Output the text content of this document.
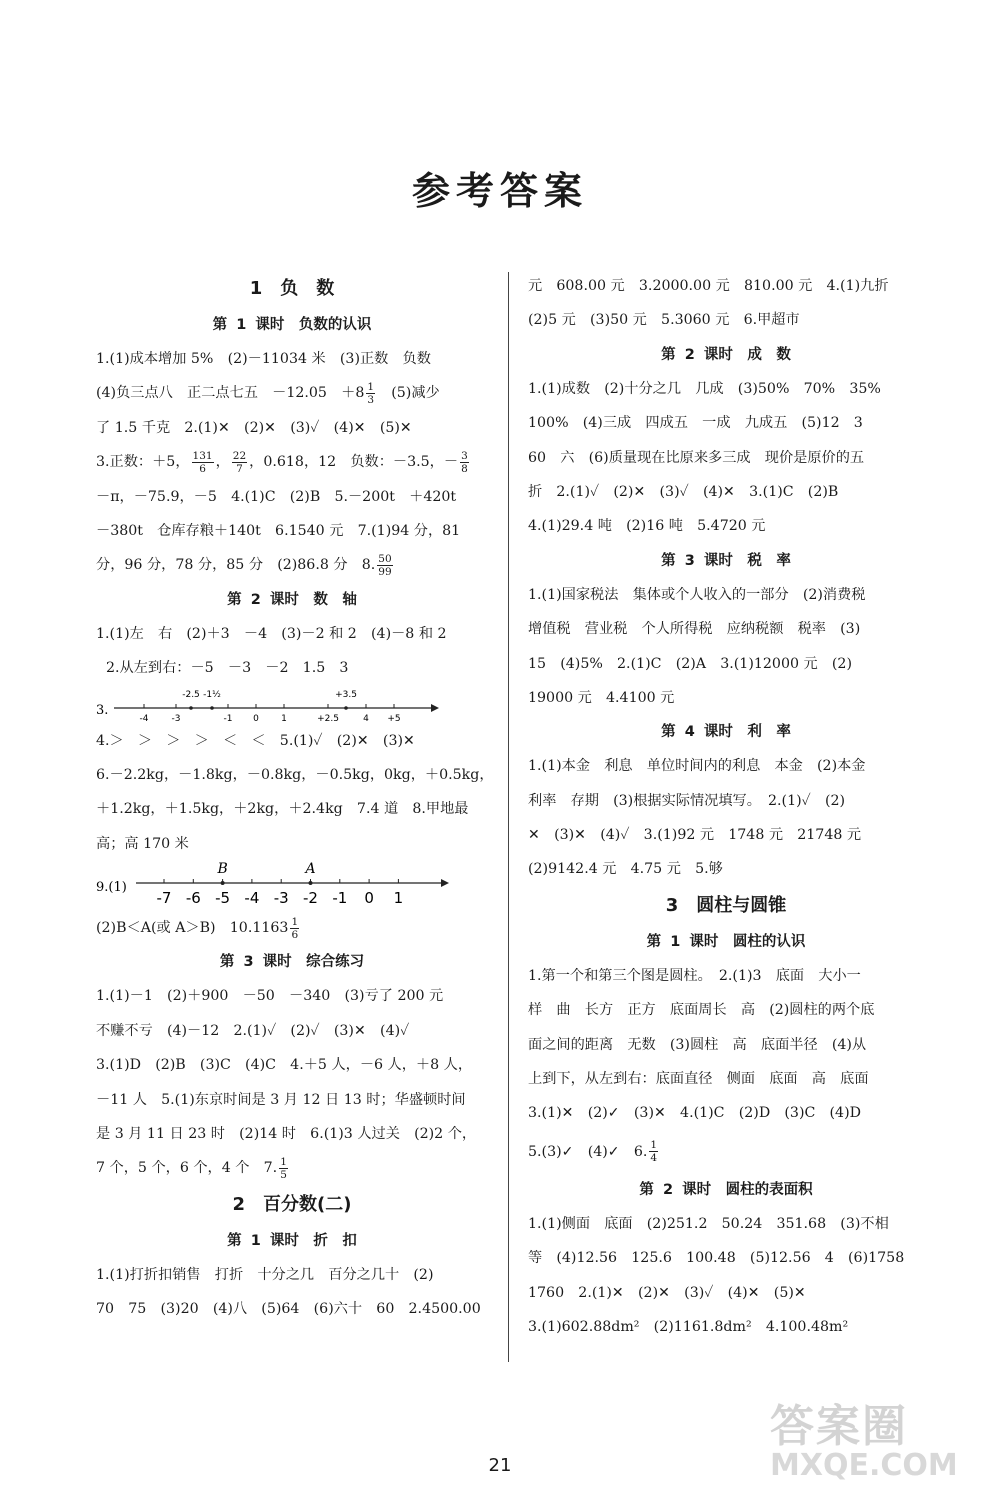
参考答案
1　负　数
第 1 课时　负数的认识
1.(1)成本增加 5%　(2)－11034 米　(3)正数　负数
(4)负三点八　正二点七五　－12.05　$+8 \frac{1}{3}$ 　(5)减少
了 1.5 千克　2.(1)✕　(2)✕　(3)✓　(4)✕　(5)✕
3.正数：＋5， $\frac{131}{6}$ ， $\frac{22}{7}$ ，0.618，12　负数：－3.5，－ $\frac{3}{8}$
－π，－75.9，－5　4.(1)C　(2)B　5.－200t　＋420t
－380t　仓库存粮＋140t　6.1540 元　7.(1)94 分，81
分，96 分，78 分，85 分　(2)86.8 分　8. $\frac{50}{99}$
第 2 课时　数　轴
1.(1)左　右　(2)＋3　－4　(3)－2 和 2　(4)－8 和 2
2.从左到右：－5　－3　－2　1.5　3
3.
-4	-3	-1 0 1	+2.5	4 +5
-2.5 -1½	+3.5
4.＞　＞　＞　＞　＜　＜　5.(1)✓　(2)✕　(3)✕
6.－2.2kg，－1.8kg，－0.8kg，－0.5kg，0kg，＋0.5kg，
＋1.2kg，＋1.5kg，＋2kg，＋2.4kg　7.4 道　8.甲地最
高；高 170 米
9.(1)
-7 -6 -5 -4 -3 -2 -1 0 1
B	A
(2)B＜A(或 A＞B)　$10.1163 \frac{1}{6}$
第 3 课时　综合练习
1.(1)－1　(2)＋900　－50　－340　(3)亏了 200 元
不赚不亏　(4)－12　2.(1)✓　(2)✓　(3)✕　(4)✓
3.(1)D　(2)B　(3)C　(4)C　4.＋5 人，－6 人，＋8 人，
－11 人　5.(1)东京时间是 3 月 12 日 13 时；华盛顿时间
是 3 月 11 日 23 时　(2)14 时　6.(1)3 人过关　(2)2 个，
7 个，5 个，6 个，4 个　7. $\frac{1}{5}$
2　百分数(二)
第 1 课时　折　扣
1.(1)打折扣销售　打折　十分之几　百分之几十　(2)
70　75　(3)20　(4)八　(5)64　(6)六十　60　2.4500.00
元　608.00 元　3.2000.00 元　810.00 元　4.(1)九折
(2)5 元　(3)50 元　5.3060 元　6.甲超市
第 2 课时　成　数
1.(1)成数　(2)十分之几　几成　(3)50%　70%　35%
100%　(4)三成　四成五　一成　九成五　(5)12　3
60　六　(6)质量现在比原来多三成　现价是原价的五
折　2.(1)✓　(2)✕　(3)✓　(4)✕　3.(1)C　(2)B
4.(1)29.4 吨　(2)16 吨　5.4720 元
第 3 课时　税　率
1.(1)国家税法　集体或个人收入的一部分　(2)消费税
增值税　营业税　个人所得税　应纳税额　税率　(3)
15　(4)5%　2.(1)C　(2)A　3.(1)12000 元　(2)
19000 元　4.4100 元
第 4 课时　利　率
1.(1)本金　利息　单位时间内的利息　本金　(2)本金
利率　存期　(3)根据实际情况填写。　2.(1)✓　(2)
✕　(3)✕　(4)✓　3.(1)92 元　1748 元　21748 元
(2)9142.4 元　4.75 元　5.够
3　圆柱与圆锥
第 1 课时　圆柱的认识
1.第一个和第三个图是圆柱。　2.(1)3　底面　大小一
样　曲　长方　正方　底面周长　高　(2)圆柱的两个底
面之间的距离　无数　(3)圆柱　高　底面半径　(4)从
上到下，从左到右：底面直径　侧面　底面　高　底面
3.(1)✕　(2)✓　(3)✕　4.(1)C　(2)D　(3)C　(4)D
5.(3)✓　(4)✓　6. $\frac{1}{4}$
第 2 课时　圆柱的表面积
1.(1)侧面　底面　(2)251.2　50.24　351.68　(3)不相
等　(4)12.56　125.6　100.48　(5)12.56　4　(6)1758
1760　2.(1)✕　(2)✕　(3)✓　(4)✕　(5)✕
3.(1)602.88dm²　(2)1161.8dm²　4.100.48m²
21
答案圈
MXQE.COM
